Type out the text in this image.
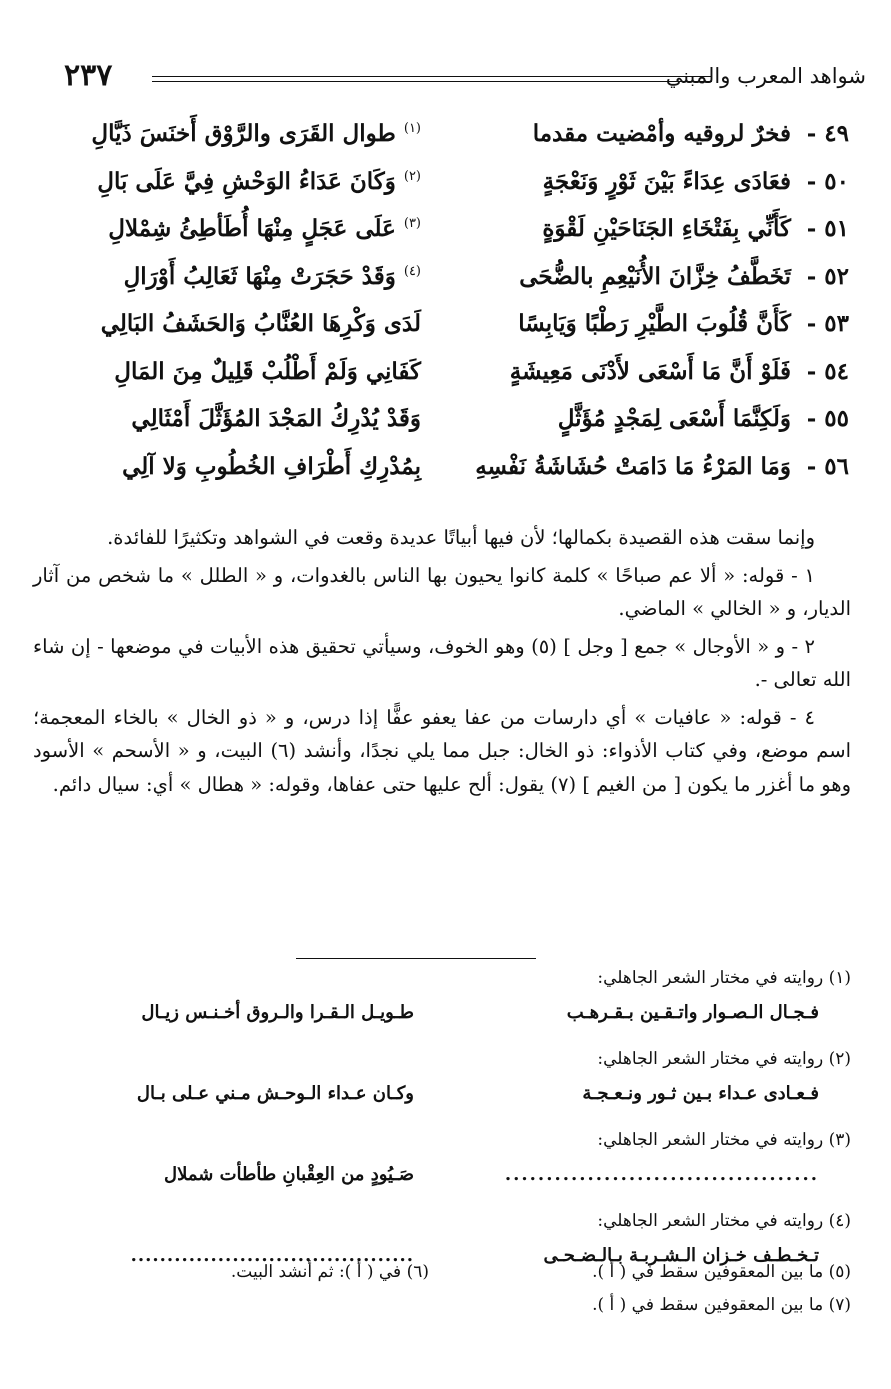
٢٣٧	شواهد المعرب والمبني
٤٩ - فخرٌ لروقيه وأمْضيت مقدما
$^{(١)}$طوال القَرَى والرَّوْق أَخنَسَ ذَيَّالِ
٥٠ - فعَادَى عِدَاءً بَيْنَ ثَوْرٍ وَنَعْجَةٍ
$^{(٢)}$وَكَانَ عَدَاءُ الوَحْشِ فِيَّ عَلَى بَالِ
٥١ - كَأَنِّي بِفَتْخَاءِ الجَنَاحَيْنِ لَقْوَةٍ
$^{(٣)}$عَلَى عَجَلٍ مِنْهَا أُطَأطِئُ شِمْلالِ
٥٢ - تَخَطَّفُ خِزَّانَ الأُنَيْعِمِ بالضُّحَى
$^{(٤)}$وَقَدْ حَجَرَتْ مِنْهَا ثَعَالِبُ أَوْرَالِ
٥٣ - كَأَنَّ قُلُوبَ الطَّيْرِ رَطْبًا وَيَابِسًا
لَدَى وَكْرِهَا العُنَّابُ وَالحَشَفُ البَالِي
٥٤ - فَلَوْ أَنَّ مَا أَسْعَى لأَدْنَى مَعِيشَةٍ
كَفَانِي وَلَمْ أَطْلُبْ قَلِيلٌ مِنَ المَالِ
٥٥ - وَلَكِنَّمَا أَسْعَى لِمَجْدٍ مُؤَثَّلٍ
وَقَدْ يُدْرِكُ المَجْدَ المُؤَثَّلَ أَمْثَالِي
٥٦ - وَمَا المَرْءُ مَا دَامَتْ حُشَاشَةُ نَفْسِهِ
بِمُدْرِكِ أَطْرَافِ الخُطُوبِ وَلا آلِي

وإنما سقت هذه القصيدة بكمالها؛ لأن فيها أبياتًا عديدة وقعت في الشواهد وتكثيرًا للفائدة.

١ - قوله: « ألا عم صباحًا » كلمة كانوا يحيون بها الناس بالغدوات، و « الطلل » ما شخص من آثار الديار، و « الخالي » الماضي.

٢ - و « الأوجال » جمع [ وجل ] (٥) وهو الخوف، وسيأتي تحقيق هذه الأبيات في موضعها - إن شاء الله تعالى -.

٤ - قوله: « عافيات » أي دارسات من عفا يعفو عفًّا إذا درس، و « ذو الخال » بالخاء المعجمة؛ اسم موضع، وفي كتاب الأذواء: ذو الخال: جبل مما يلي نجدًا، وأنشد (٦) البيت، و « الأسحم » الأسود وهو ما أغزر ما يكون [ من الغيم ] (٧) يقول: ألح عليها حتى عفاها، وقوله: « هطال » أي: سيال دائم.

(١) روايته في مختار الشعر الجاهلي:
فـجـال الـصـوار واتـقـين بـقـرهـب
طـويـل الـقـرا والـروق أخـنـس زيـال
(٢) روايته في مختار الشعر الجاهلي:
فـعـادى عـداء بـين ثـور ونـعـجـة
وكـان عـداء الـوحـش مـني عـلى بـال
(٣) روايته في مختار الشعر الجاهلي:
......................................
صَـيُودٍ من العِقْبانِ طأطأت شملال
(٤) روايته في مختار الشعر الجاهلي:
تـخـطـف خـزان الـشـربـة بـالـضـحـى
.......................................
(٥) ما بين المعقوفين سقط في ( أ ).
(٦) في ( أ ): ثم أنشد البيت.
(٧) ما بين المعقوفين سقط في ( أ ).
